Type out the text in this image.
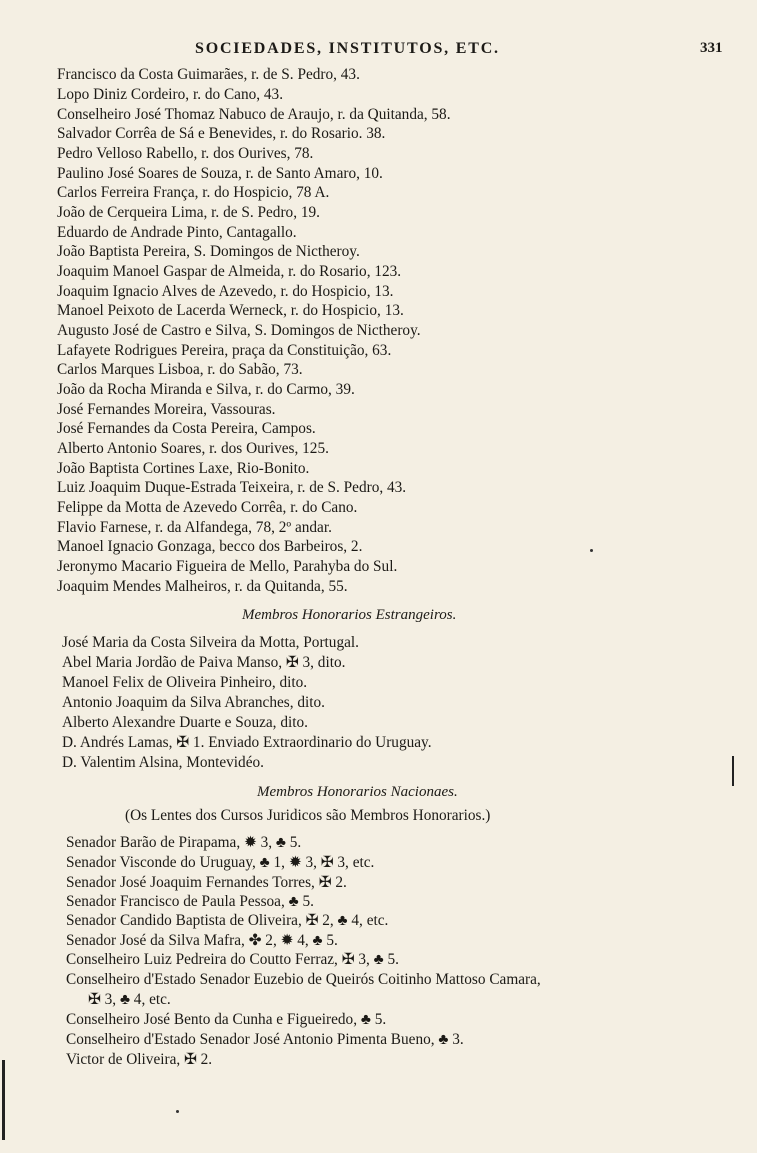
SOCIEDADES, INSTITUTOS, ETC.	331
Francisco da Costa Guimarães, r. de S. Pedro, 43.
Lopo Diniz Cordeiro, r. do Cano, 43.
Conselheiro José Thomaz Nabuco de Araujo, r. da Quitanda, 58.
Salvador Corrêa de Sá e Benevides, r. do Rosario. 38.
Pedro Velloso Rabello, r. dos Ourives, 78.
Paulino José Soares de Souza, r. de Santo Amaro, 10.
Carlos Ferreira França, r. do Hospicio, 78 A.
João de Cerqueira Lima, r. de S. Pedro, 19.
Eduardo de Andrade Pinto, Cantagallo.
João Baptista Pereira, S. Domingos de Nictheroy.
Joaquim Manoel Gaspar de Almeida, r. do Rosario, 123.
Joaquim Ignacio Alves de Azevedo, r. do Hospicio, 13.
Manoel Peixoto de Lacerda Werneck, r. do Hospicio, 13.
Augusto José de Castro e Silva, S. Domingos de Nictheroy.
Lafayete Rodrigues Pereira, praça da Constituição, 63.
Carlos Marques Lisboa, r. do Sabão, 73.
João da Rocha Miranda e Silva, r. do Carmo, 39.
José Fernandes Moreira, Vassouras.
José Fernandes da Costa Pereira, Campos.
Alberto Antonio Soares, r. dos Ourives, 125.
João Baptista Cortines Laxe, Rio-Bonito.
Luiz Joaquim Duque-Estrada Teixeira, r. de S. Pedro, 43.
Felippe da Motta de Azevedo Corrêa, r. do Cano.
Flavio Farnese, r. da Alfandega, 78, 2º andar.
Manoel Ignacio Gonzaga, becco dos Barbeiros, 2.
Jeronymo Macario Figueira de Mello, Parahyba do Sul.
Joaquim Mendes Malheiros, r. da Quitanda, 55.
Membros Honorarios Estrangeiros.
José Maria da Costa Silveira da Motta, Portugal.
Abel Maria Jordão de Paiva Manso, ✠ 3, dito.
Manoel Felix de Oliveira Pinheiro, dito.
Antonio Joaquim da Silva Abranches, dito.
Alberto Alexandre Duarte e Souza, dito.
D. Andrés Lamas, ✠ 1. Enviado Extraordinario do Uruguay.
D. Valentim Alsina, Montevidéo.
Membros Honorarios Nacionaes.
(Os Lentes dos Cursos Juridicos são Membros Honorarios.)
Senador Barão de Pirapama, ✹ 3, ♣ 5.
Senador Visconde do Uruguay, ♣ 1, ✹ 3, ✠ 3, etc.
Senador José Joaquim Fernandes Torres, ✠ 2.
Senador Francisco de Paula Pessoa, ♣ 5.
Senador Candido Baptista de Oliveira, ✠ 2, ♣ 4, etc.
Senador José da Silva Mafra, ✤ 2, ✹ 4, ♣ 5.
Conselheiro Luiz Pedreira do Coutto Ferraz, ✠ 3, ♣ 5.
Conselheiro d'Estado Senador Euzebio de Queirós Coitinho Mattoso Camara,
✠ 3, ♣ 4, etc.
Conselheiro José Bento da Cunha e Figueiredo, ♣ 5.
Conselheiro d'Estado Senador José Antonio Pimenta Bueno, ♣ 3.
Victor de Oliveira, ✠ 2.
